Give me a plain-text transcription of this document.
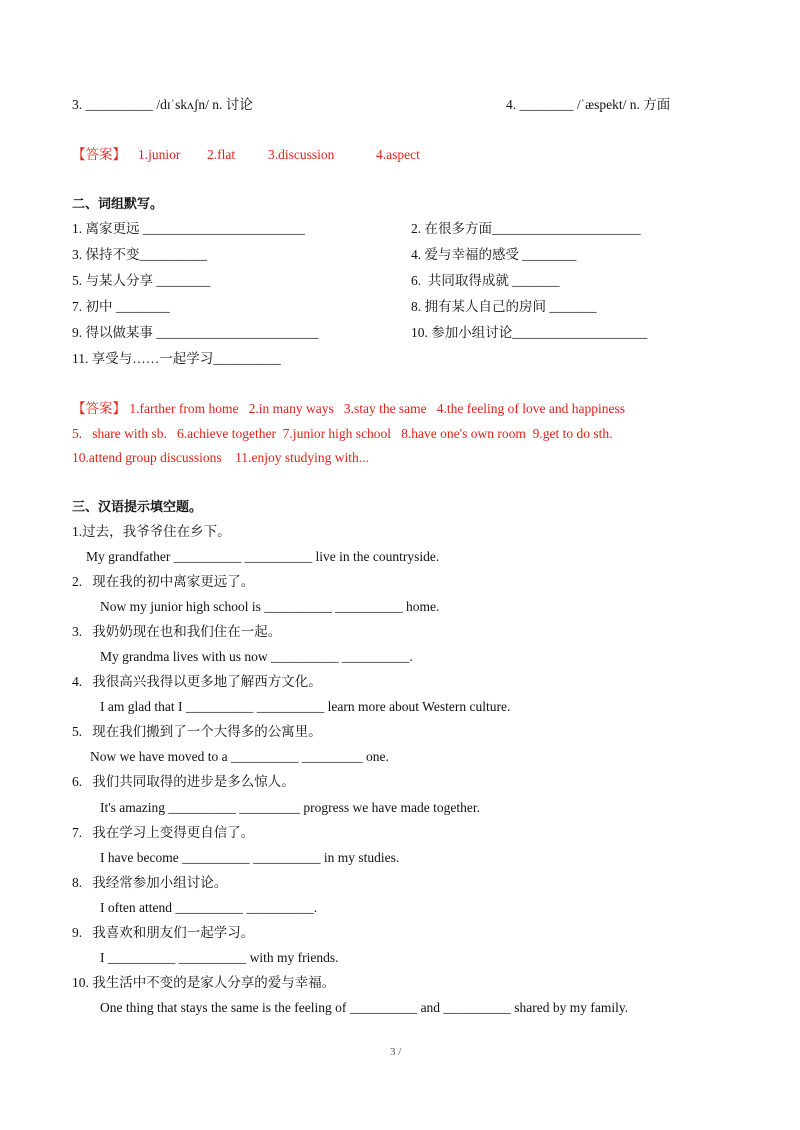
3. __________ /dɪˈskʌʃn/ n. 讨论	4. ________ /ˈæspekt/ n. 方面
【答案】 1.junior 2.flat 3.discussion	4.aspect
二、词组默写。
1. 离家更远 ________________________	2. 在很多方面______________________
3. 保持不变__________	4. 爱与幸福的感受 ________
5. 与某人分享 ________	6.  共同取得成就 _______
7. 初中 ________	8. 拥有某人自己的房间 _______
9. 得以做某事 ________________________	10. 参加小组讨论____________________
11. 享受与……一起学习__________
【答案】 1.farther from home   2.in many ways   3.stay the same   4.the feeling of love and happiness
5.   share with sb.   6.achieve together  7.junior high school   8.have one's own room  9.get to do sth.
10.attend group discussions    11.enjoy studying with...
三、汉语提示填空题。
1.过去，我爷爷住在乡下。
My grandfather __________ __________ live in the countryside.
2.   现在我的初中离家更远了。
Now my junior high school is __________ __________ home.
3.   我奶奶现在也和我们住在一起。
My grandma lives with us now __________ __________.
4.   我很高兴我得以更多地了解西方文化。
I am glad that I __________ __________ learn more about Western culture.
5.   现在我们搬到了一个大得多的公寓里。
Now we have moved to a __________ _________ one.
6.   我们共同取得的进步是多么惊人。
It's amazing __________ _________ progress we have made together.
7.   我在学习上变得更自信了。
I have become __________ __________ in my studies.
8.   我经常参加小组讨论。
I often attend __________ __________.
9.   我喜欢和朋友们一起学习。
I __________ __________ with my friends.
10. 我生活中不变的是家人分享的爱与幸福。
One thing that stays the same is the feeling of __________ and __________ shared by my family.
3 /
